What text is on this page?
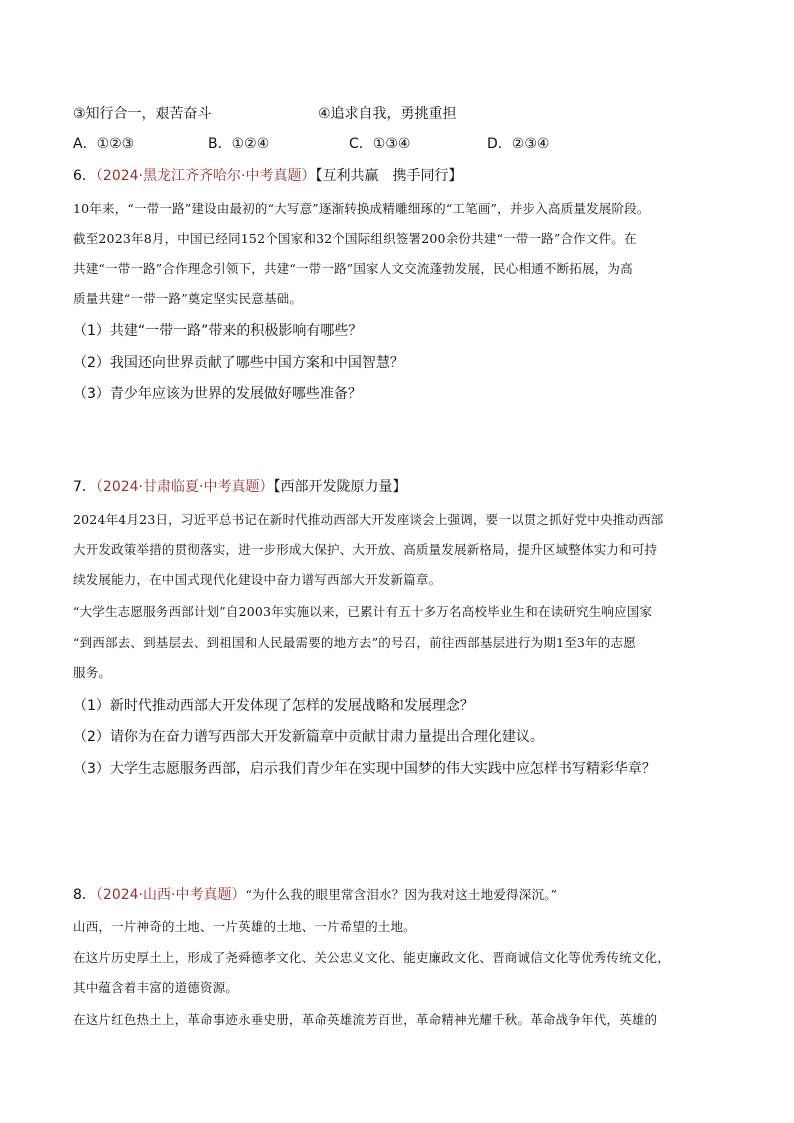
③知行合一，艰苦奋斗	④追求自我，勇挑重担
A．①②③	B．①②④	C．①③④	D．②③④
6．（2024·黑龙江齐齐哈尔·中考真题）【互利共赢　携手同行】
10年来，“一带一路”建设由最初的“大写意”逐渐转换成精雕细琢的“工笔画”，并步入高质量发展阶段。
截至2023年8月，中国已经同152个国家和32个国际组织签署200余份共建“一带一路”合作文件。在
共建“一带一路”合作理念引领下，共建“一带一路”国家人文交流蓬勃发展，民心相通不断拓展，为高
质量共建“一带一路”奠定坚实民意基础。
（1）共建“一带一路”带来的积极影响有哪些？
（2）我国还向世界贡献了哪些中国方案和中国智慧？
（3）青少年应该为世界的发展做好哪些准备？
7．（2024·甘肃临夏·中考真题）【西部开发陇原力量】
2024年4月23日，习近平总书记在新时代推动西部大开发座谈会上强调，要一以贯之抓好党中央推动西部
大开发政策举措的贯彻落实，进一步形成大保护、大开放、高质量发展新格局，提升区域整体实力和可持
续发展能力，在中国式现代化建设中奋力谱写西部大开发新篇章。
“大学生志愿服务西部计划”自2003年实施以来，已累计有五十多万名高校毕业生和在读研究生响应国家
“到西部去、到基层去、到祖国和人民最需要的地方去”的号召，前往西部基层进行为期1至3年的志愿
服务。
（1）新时代推动西部大开发体现了怎样的发展战略和发展理念？
（2）请你为在奋力谱写西部大开发新篇章中贡献甘肃力量提出合理化建议。
（3）大学生志愿服务西部，启示我们青少年在实现中国梦的伟大实践中应怎样书写精彩华章？
8．（2024·山西·中考真题）“为什么我的眼里常含泪水？因为我对这土地爱得深沉。”
山西，一片神奇的土地、一片英雄的土地、一片希望的土地。
在这片历史厚土上，形成了尧舜德孝文化、关公忠义文化、能吏廉政文化、晋商诚信文化等优秀传统文化，
其中蕴含着丰富的道德资源。
在这片红色热土上，革命事迹永垂史册，革命英雄流芳百世，革命精神光耀千秋。革命战争年代，英雄的
